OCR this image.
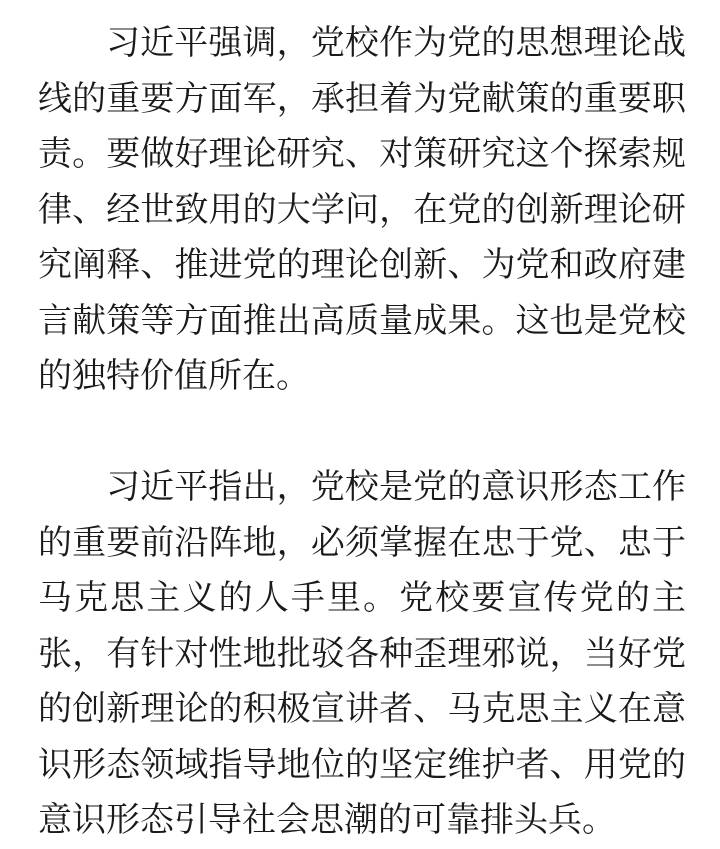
习近平强调，党校作为党的思想理论战
线的重要方面军，承担着为党献策的重要职
责。要做好理论研究、对策研究这个探索规
律、经世致用的大学问，在党的创新理论研
究阐释、推进党的理论创新、为党和政府建
言献策等方面推出高质量成果。这也是党校
的独特价值所在。

习近平指出，党校是党的意识形态工作
的重要前沿阵地，必须掌握在忠于党、忠于
马克思主义的人手里。党校要宣传党的主
张，有针对性地批驳各种歪理邪说，当好党
的创新理论的积极宣讲者、马克思主义在意
识形态领域指导地位的坚定维护者、用党的
意识形态引导社会思潮的可靠排头兵。
